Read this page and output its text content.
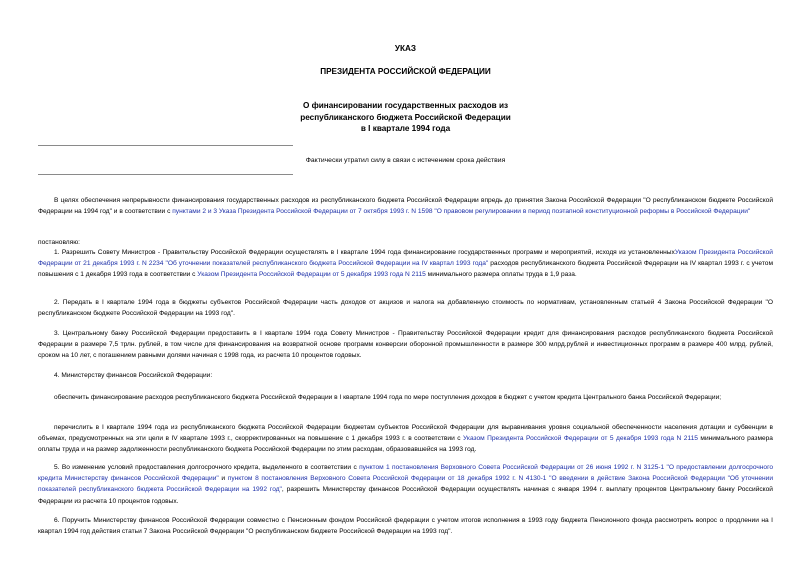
УКАЗ
ПРЕЗИДЕНТА РОССИЙСКОЙ ФЕДЕРАЦИИ
О финансировании государственных расходов из
республиканского бюджета Российской Федерации
в I квартале 1994 года
Фактически утратил силу в связи с истечением срока действия
В целях обеспечения непрерывности финансирования государственных расходов из республиканского бюджета Российской Федерации впредь до принятия Закона Российской Федерации "О республиканском бюджете Российской Федерации на 1994 год" и в соответствии с пунктами 2 и 3 Указа Президента Российской Федерации от 7 октября 1993 г. N 1598 "О правовом регулировании в период поэтапной конституционной реформы в Российской Федерации"
постановляю:
1. Разрешить Совету Министров - Правительству Российской Федерации осуществлять в I квартале 1994 года финансирование государственных программ и мероприятий, исходя из установленныхУказом Президента Российской Федерации от 21 декабря 1993 г. N 2234 "Об уточнении показателей республиканского бюджета Российской Федерации на IV квартал 1993 года" расходов республиканского бюджета Российской Федерации на IV квартал 1993 г. с учетом повышения с 1 декабря 1993 года в соответствии с Указом Президента Российской Федерации от 5 декабря 1993 года N 2115 минимального размера оплаты труда в 1,9 раза.
2. Передать в I квартале 1994 года в бюджеты субъектов Российской Федерации часть доходов от акцизов и налога на добавленную стоимость по нормативам, установленным статьей 4 Закона Российской Федерации "О республиканском бюджете Российской Федерации на 1993 год".
3. Центральному банку Российской Федерации предоставить в I квартале 1994 года Совету Министров - Правительству Российской Федерации кредит для финансирования расходов республиканского бюджета Российской Федерации в размере 7,5 трлн. рублей, в том числе для финансирования на возвратной основе программ конверсии оборонной промышленности в размере 300 млрд.рублей и инвестиционных программ в размере 400 млрд. рублей, сроком на 10 лет, с погашением равными долями начиная с 1998 года, из расчета 10 процентов годовых.
4. Министерству финансов Российской Федерации:
обеспечить финансирование расходов республиканского бюджета Российской Федерации в I квартале 1994 года по мере поступления доходов в бюджет с учетом кредита Центрального банка Российской Федерации;
перечислить в I квартале 1994 года из республиканского бюджета Российской Федерации бюджетам субъектов Российской Федерации для выравнивания уровня социальной обеспеченности населения дотации и субвенции в объемах, предусмотренных на эти цели в IV квартале 1993 г., скорректированных на повышение с 1 декабря 1993 г. в соответствии с Указом Президента Российской Федерации от 5 декабря 1993 года N 2115 минимального размера оплаты труда и на размер задолженности республиканского бюджета Российской Федерации по этим расходам, образовавшейся на 1993 год.
5. Во изменение условий предоставления долгосрочного кредита, выделенного в соответствии с пунктом 1 постановления Верховного Совета Российской Федерации от 26 июня 1992 г. N 3125-1 "О предоставлении долгосрочного кредита Министерству финансов Российской Федерации" и пунктом 8 постановления Верховного Совета Российской Федерации от 18 декабря 1992 г. N 4130-1 "О введении в действие Закона Российской Федерации "Об уточнении показателей республиканского бюджета Российской Федерации на 1992 год", разрешить Министерству финансов Российской Федерации осуществлять начиная с января 1994 г. выплату процентов Центральному банку Российской Федерации из расчета 10 процентов годовых.
6. Поручить Министерству финансов Российской Федерации совместно с Пенсионным фондом Российской федерации с учетом итогов исполнения в 1993 году бюджета Пенсионного фонда рассмотреть вопрос о продлении на I квартал 1994 год действия статьи 7 Закона Российской Федерации "О республиканском бюджете Российской Федерации на 1993 год".
